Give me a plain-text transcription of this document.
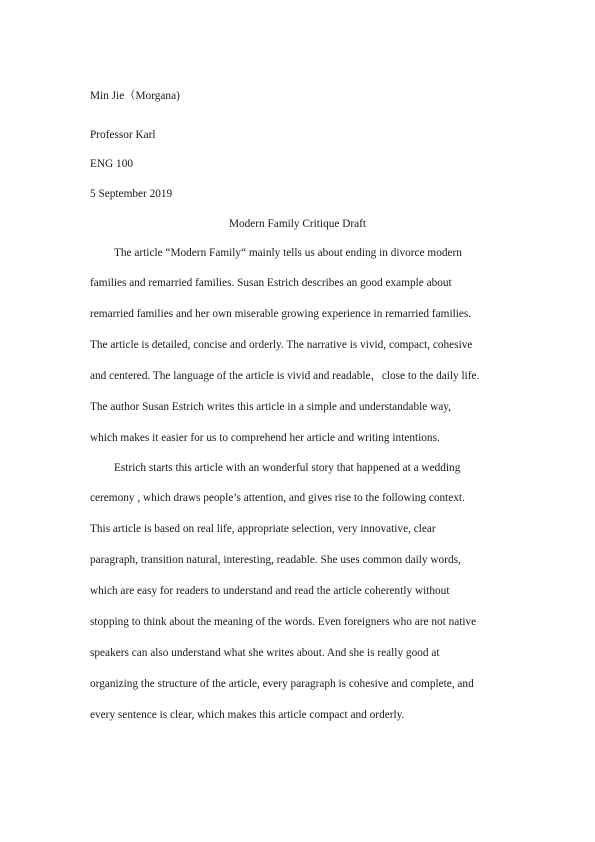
Min Jie（Morgana)
Professor Karl
ENG 100
5 September 2019
Modern Family Critique Draft
The article “Modern Family“ mainly tells us about ending in divorce modern
families and remarried families. Susan Estrich describes an good example about
remarried families and her own miserable growing experience in remarried families.
The article is detailed, concise and orderly. The narrative is vivid, compact, cohesive
and centered. The language of the article is vivid and readable，close to the daily life.
The author Susan Estrich writes this article in a simple and understandable way,
which makes it easier for us to comprehend her article and writing intentions.
Estrich starts this article with an wonderful story that happened at a wedding
ceremony , which draws people’s attention, and gives rise to the following context.
This article is based on real life, appropriate selection, very innovative, clear
paragraph, transition natural, interesting, readable. She uses common daily words,
which are easy for readers to understand and read the article coherently without
stopping to think about the meaning of the words. Even foreigners who are not native
speakers can also understand what she writes about. And she is really good at
organizing the structure of the article, every paragraph is cohesive and complete, and
every sentence is clear, which makes this article compact and orderly.
